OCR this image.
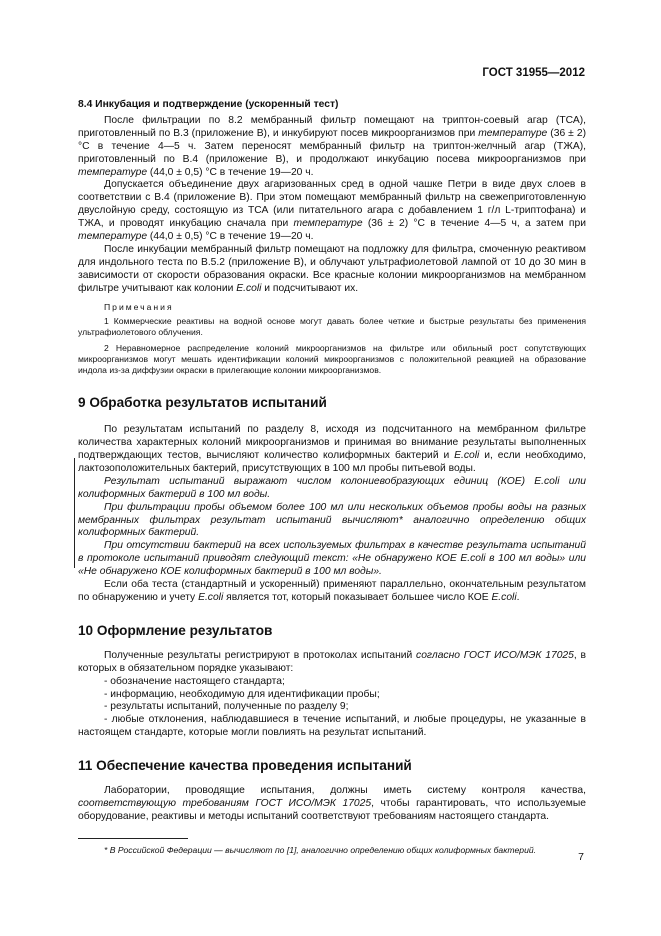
ГОСТ 31955—2012

8.4 Инкубация и подтверждение (ускоренный тест)

После фильтрации по 8.2 мембранный фильтр помещают на триптон-соевый агар (ТСА), приготовленный по В.3 (приложение В), и инкубируют посев микроорганизмов при температуре (36 ± 2) °С в течение 4—5 ч. Затем переносят мембранный фильтр на триптон-желчный агар (ТЖА), приготовленный по В.4 (приложение В), и продолжают инкубацию посева микроорганизмов при температуре (44,0 ± 0,5) °С в течение 19—20 ч.

Допускается объединение двух агаризованных сред в одной чашке Петри в виде двух слоев в соответствии с В.4 (приложение В). При этом помещают мембранный фильтр на свежеприготовленную двуслойную среду, состоящую из ТСА (или питательного агара с добавлением 1 г/л L-триптофана) и ТЖА, и проводят инкубацию сначала при температуре (36 ± 2) °С в течение 4—5 ч, а затем при температуре (44,0 ± 0,5) °С в течение 19—20 ч.

После инкубации мембранный фильтр помещают на подложку для фильтра, смоченную реактивом для индольного теста по В.5.2 (приложение В), и облучают ультрафиолетовой лампой от 10 до 30 мин в зависимости от скорости образования окраски. Все красные колонии микроорганизмов на мембранном фильтре учитывают как колонии E.coli и подсчитывают их.

Примечания

1 Коммерческие реактивы на водной основе могут давать более четкие и быстрые результаты без применения ультрафиолетового облучения.

2 Неравномерное распределение колоний микроорганизмов на фильтре или обильный рост сопутствующих микроорганизмов могут мешать идентификации колоний микроорганизмов с положительной реакцией на образование индола из-за диффузии окраски в прилегающие колонии микроорганизмов.

9 Обработка результатов испытаний

По результатам испытаний по разделу 8, исходя из подсчитанного на мембранном фильтре количества характерных колоний микроорганизмов и принимая во внимание результаты выполненных подтверждающих тестов, вычисляют количество колиформных бактерий и E.coli и, если необходимо, лактозоположительных бактерий, присутствующих в 100 мл пробы питьевой воды.

Результат испытаний выражают числом колониевобразующих единиц (КОЕ) E.coli или колиформных бактерий в 100 мл воды.

При фильтрации пробы объемом более 100 мл или нескольких объемов пробы воды на разных мембранных фильтрах результат испытаний вычисляют* аналогично определению общих колиформных бактерий.

При отсутствии бактерий на всех используемых фильтрах в качестве результата испытаний в протоколе испытаний приводят следующий текст: «Не обнаружено КОЕ E.coli в 100 мл воды» или «Не обнаружено КОЕ колиформных бактерий в 100 мл воды».

Если оба теста (стандартный и ускоренный) применяют параллельно, окончательным результатом по обнаружению и учету E.coli является тот, который показывает большее число КОЕ E.coli.

10 Оформление результатов

Полученные результаты регистрируют в протоколах испытаний согласно ГОСТ ИСО/МЭК 17025, в которых в обязательном порядке указывают:

- обозначение настоящего стандарта;
- информацию, необходимую для идентификации пробы;
- результаты испытаний, полученные по разделу 9;

- любые отклонения, наблюдавшиеся в течение испытаний, и любые процедуры, не указанные в настоящем стандарте, которые могли повлиять на результат испытаний.

11 Обеспечение качества проведения испытаний

Лаборатории, проводящие испытания, должны иметь систему контроля качества, соответствующую требованиям ГОСТ ИСО/МЭК 17025, чтобы гарантировать, что используемые оборудование, реактивы и методы испытаний соответствуют требованиям настоящего стандарта.

* В Российской Федерации — вычисляют по [1], аналогично определению общих колиформных бактерий.

7
